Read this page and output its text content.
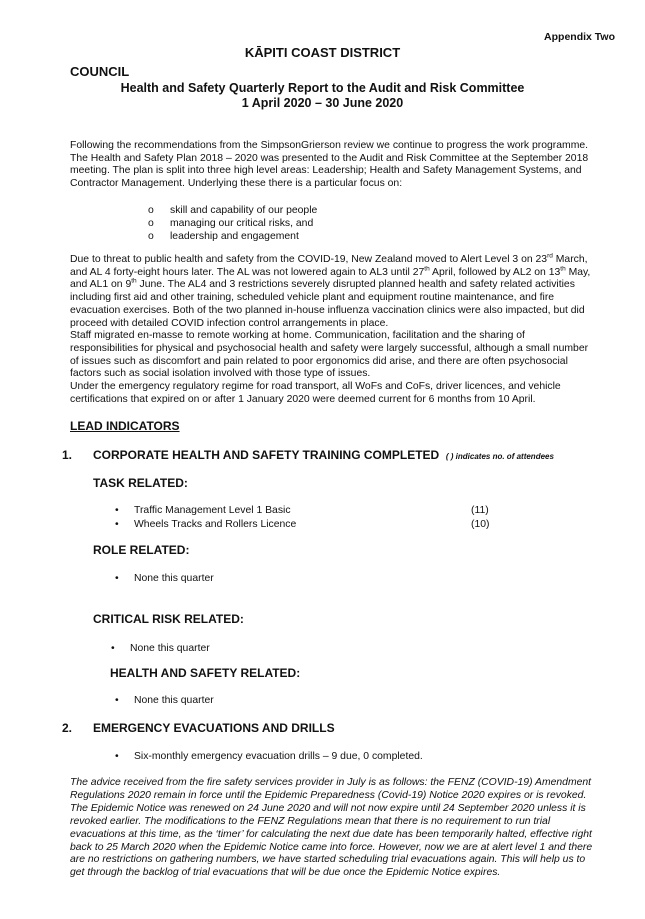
Appendix Two
KĀPITI COAST DISTRICT
COUNCIL
Health and Safety Quarterly Report to the Audit and Risk Committee
1 April 2020 – 30 June 2020

Following the recommendations from the SimpsonGrierson review we continue to progress the work programme. The Health and Safety Plan 2018 – 2020 was presented to the Audit and Risk Committee at the September 2018 meeting. The plan is split into three high level areas: Leadership; Health and Safety Management Systems, and Contractor Management. Underlying these there is a particular focus on:

o skill and capability of our people
o managing our critical risks, and
o leadership and engagement

Due to threat to public health and safety from the COVID-19, New Zealand moved to Alert Level 3 on 23rd March, and AL 4 forty-eight hours later. The AL was not lowered again to AL3 until 27th April, followed by AL2 on 13th May, and AL1 on 9th June. The AL4 and 3 restrictions severely disrupted planned health and safety related activities including first aid and other training, scheduled vehicle plant and equipment routine maintenance, and fire evacuation exercises. Both of the two planned in-house influenza vaccination clinics were also impacted, but did proceed with detailed COVID infection control arrangements in place.

Staff migrated en-masse to remote working at home. Communication, facilitation and the sharing of responsibilities for physical and psychosocial health and safety were largely successful, although a small number of issues such as discomfort and pain related to poor ergonomics did arise, and there are often psychosocial factors such as social isolation involved with those type of issues.

Under the emergency regulatory regime for road transport, all WoFs and CoFs, driver licences, and vehicle certifications that expired on or after 1 January 2020 were deemed current for 6 months from 10 April.

LEAD INDICATORS
1. CORPORATE HEALTH AND SAFETY TRAINING COMPLETED ( ) indicates no. of attendees
TASK RELATED:
• Traffic Management Level 1 Basic	(11)
• Wheels Tracks and Rollers Licence	(10)
ROLE RELATED:
• None this quarter
CRITICAL RISK RELATED:
• None this quarter
HEALTH AND SAFETY RELATED:
• None this quarter
2. EMERGENCY EVACUATIONS AND DRILLS
• Six-monthly emergency evacuation drills – 9 due, 0 completed.
The advice received from the fire safety services provider in July is as follows: the FENZ (COVID-19) Amendment Regulations 2020 remain in force until the Epidemic Preparedness (Covid-19) Notice 2020 expires or is revoked. The Epidemic Notice was renewed on 24 June 2020 and will not now expire until 24 September 2020 unless it is revoked earlier. The modifications to the FENZ Regulations mean that there is no requirement to run trial evacuations at this time, as the ‘timer’ for calculating the next due date has been temporarily halted, effective right back to 25 March 2020 when the Epidemic Notice came into force. However, now we are at alert level 1 and there are no restrictions on gathering numbers, we have started scheduling trial evacuations again. This will help us to get through the backlog of trial evacuations that will be due once the Epidemic Notice expires.
